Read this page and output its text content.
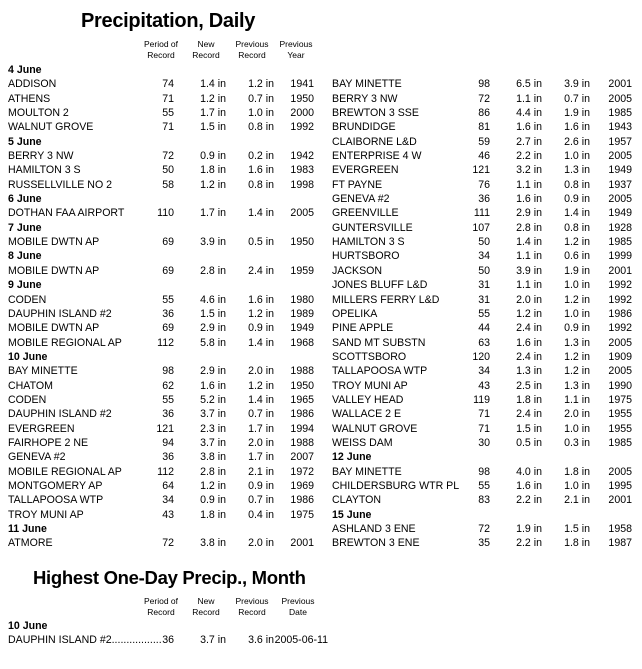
Precipitation, Daily
Period of Record
New Record
Previous Record
Previous Year
4 June
ADDISON	74	1.4 in	1.2 in	1941
ATHENS	71	1.2 in	0.7 in	1950
MOULTON 2	55	1.7 in	1.0 in	2000
WALNUT GROVE	71	1.5 in	0.8 in	1992
5 June
BERRY 3 NW	72	0.9 in	0.2 in	1942
HAMILTON 3 S	50	1.8 in	1.6 in	1983
RUSSELLVILLE NO 2	58	1.2 in	0.8 in	1998
6 June
DOTHAN FAA AIRPORT	110	1.7 in	1.4 in	2005
7 June
MOBILE DWTN AP	69	3.9 in	0.5 in	1950
8 June
MOBILE DWTN AP	69	2.8 in	2.4 in	1959
9 June
CODEN	55	4.6 in	1.6 in	1980
DAUPHIN ISLAND #2	36	1.5 in	1.2 in	1989
MOBILE DWTN AP	69	2.9 in	0.9 in	1949
MOBILE REGIONAL AP	112	5.8 in	1.4 in	1968
10 June
BAY MINETTE	98	2.9 in	2.0 in	1988
CHATOM	62	1.6 in	1.2 in	1950
CODEN	55	5.2 in	1.4 in	1965
DAUPHIN ISLAND #2	36	3.7 in	0.7 in	1986
EVERGREEN	121	2.3 in	1.7 in	1994
FAIRHOPE 2 NE	94	3.7 in	2.0 in	1988
GENEVA #2	36	3.8 in	1.7 in	2007
MOBILE REGIONAL AP	112	2.8 in	2.1 in	1972
MONTGOMERY AP	64	1.2 in	0.9 in	1969
TALLAPOOSA WTP	34	0.9 in	0.7 in	1986
TROY MUNI AP	43	1.8 in	0.4 in	1975
11 June
ATMORE	72	3.8 in	2.0 in	2001
BAY MINETTE	98	6.5 in	3.9 in	2001
BERRY 3 NW	72	1.1 in	0.7 in	2005
BREWTON 3 SSE	86	4.4 in	1.9 in	1985
BRUNDIDGE	81	1.6 in	1.6 in	1943
CLAIBORNE L&D	59	2.7 in	2.6 in	1957
ENTERPRISE 4 W	46	2.2 in	1.0 in	2005
EVERGREEN	121	3.2 in	1.3 in	1949
FT PAYNE	76	1.1 in	0.8 in	1937
GENEVA #2	36	1.6 in	0.9 in	2005
GREENVILLE	111	2.9 in	1.4 in	1949
GUNTERSVILLE	107	2.8 in	0.8 in	1928
HAMILTON 3 S	50	1.4 in	1.2 in	1985
HURTSBORO	34	1.1 in	0.6 in	1999
JACKSON	50	3.9 in	1.9 in	2001
JONES BLUFF L&D	31	1.1 in	1.0 in	1992
MILLERS FERRY L&D	31	2.0 in	1.2 in	1992
OPELIKA	55	1.2 in	1.0 in	1986
PINE APPLE	44	2.4 in	0.9 in	1992
SAND MT SUBSTN	63	1.6 in	1.3 in	2005
SCOTTSBORO	120	2.4 in	1.2 in	1909
TALLAPOOSA WTP	34	1.3 in	1.2 in	2005
TROY MUNI AP	43	2.5 in	1.3 in	1990
VALLEY HEAD	119	1.8 in	1.1 in	1975
WALLACE 2 E	71	2.4 in	2.0 in	1955
WALNUT GROVE	71	1.5 in	1.0 in	1955
WEISS DAM	30	0.5 in	0.3 in	1985
12 June
BAY MINETTE	98	4.0 in	1.8 in	2005
CHILDERSBURG WTR PL	55	1.6 in	1.0 in	1995
CLAYTON	83	2.2 in	2.1 in	2001
15 June
ASHLAND 3 ENE	72	1.9 in	1.5 in	1958
BREWTON 3 ENE	35	2.2 in	1.8 in	1987
Highest One-Day Precip., Month
Period of Record
New Record
Previous Record
Previous Date
10 June
DAUPHIN ISLAND #2................. 36	3.7 in	3.6 in 2005-06-11
